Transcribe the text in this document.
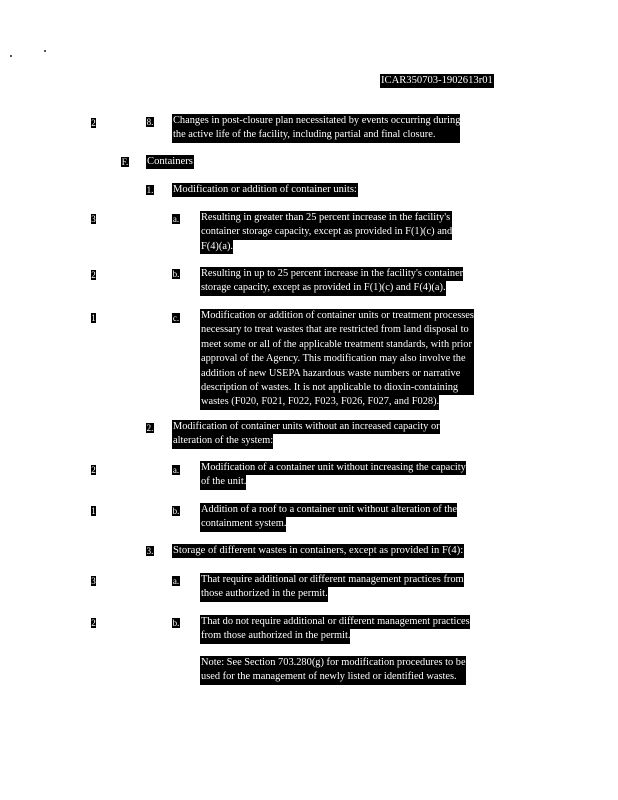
ICAR350703-1902613r01
2	8. Changes in post-closure plan necessitated by events occurring during
the active life of the facility, including partial and final closure.
F. Containers
1. Modification or addition of container units:
3	a. Resulting in greater than 25 percent increase in the facility's
container storage capacity, except as provided in F(1)(c) and
F(4)(a).
2	b. Resulting in up to 25 percent increase in the facility's container
storage capacity, except as provided in F(1)(c) and F(4)(a).
1	c. Modification or addition of container units or treatment processes
necessary to treat wastes that are restricted from land disposal to
meet some or all of the applicable treatment standards, with prior
approval of the Agency. This modification may also involve the
addition of new USEPA hazardous waste numbers or narrative
description of wastes. It is not applicable to dioxin-containing
wastes (F020, F021, F022, F023, F026, F027, and F028).
2. Modification of container units without an increased capacity or
alteration of the system:
2	a. Modification of a container unit without increasing the capacity
of the unit.
1	b. Addition of a roof to a container unit without alteration of the
containment system.
3. Storage of different wastes in containers, except as provided in F(4):
3	a. That require additional or different management practices from
those authorized in the permit.
2	b. That do not require additional or different management practices
from those authorized in the permit.
Note: See Section 703.280(g) for modification procedures to be
used for the management of newly listed or identified wastes.
